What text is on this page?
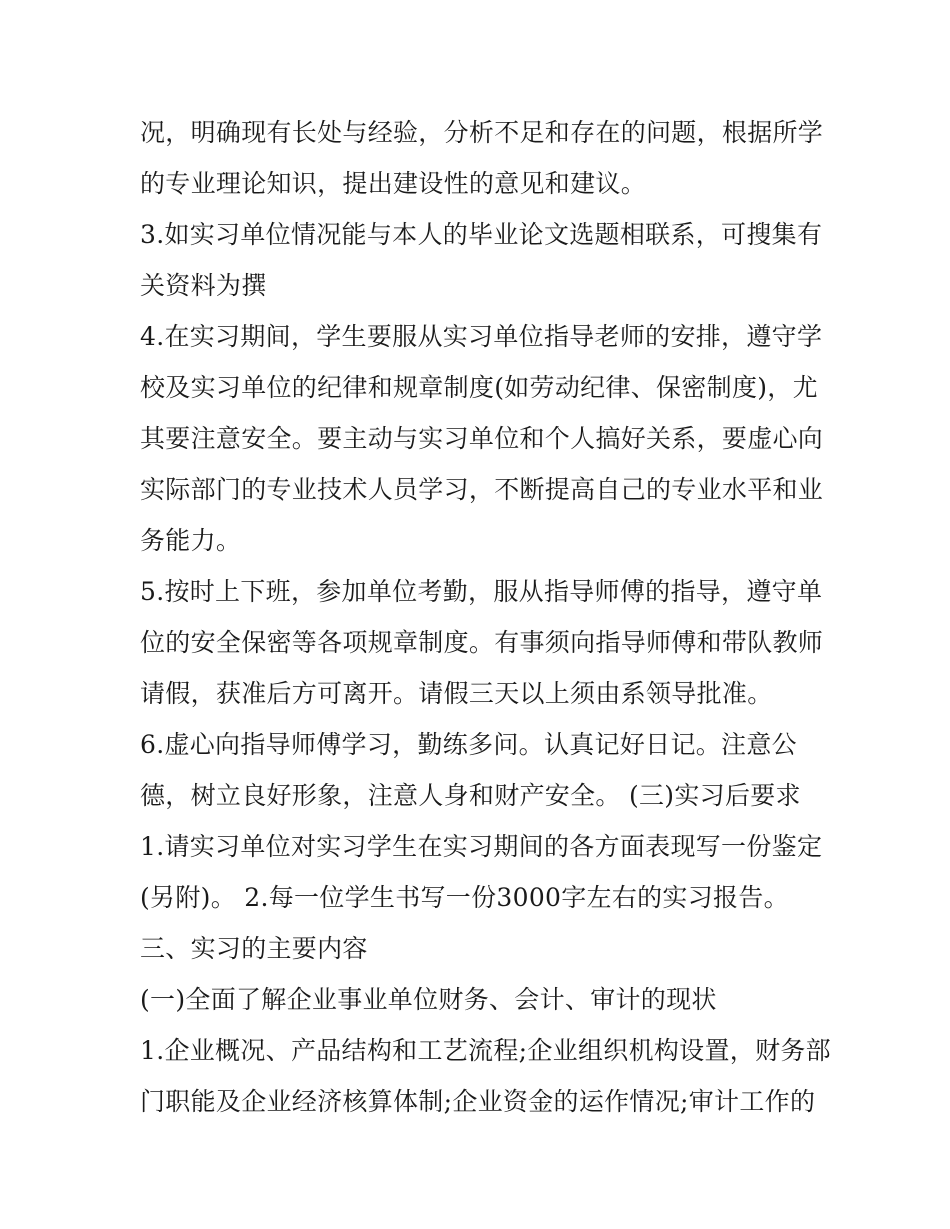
况，明确现有长处与经验，分析不足和存在的问题，根据所学
的专业理论知识，提出建设性的意见和建议。
3.如实习单位情况能与本人的毕业论文选题相联系，可搜集有
关资料为撰
4.在实习期间，学生要服从实习单位指导老师的安排，遵守学
校及实习单位的纪律和规章制度(如劳动纪律、保密制度)，尤
其要注意安全。要主动与实习单位和个人搞好关系，要虚心向
实际部门的专业技术人员学习，不断提高自己的专业水平和业
务能力。
5.按时上下班，参加单位考勤，服从指导师傅的指导，遵守单
位的安全保密等各项规章制度。有事须向指导师傅和带队教师
请假，获准后方可离开。请假三天以上须由系领导批准。
6.虚心向指导师傅学习，勤练多问。认真记好日记。注意公
德，树立良好形象，注意人身和财产安全。 (三)实习后要求
1.请实习单位对实习学生在实习期间的各方面表现写一份鉴定
(另附)。 2.每一位学生书写一份3000字左右的实习报告。
三、实习的主要内容
(一)全面了解企业事业单位财务、会计、审计的现状
1.企业概况、产品结构和工艺流程;企业组织机构设置，财务部
门职能及企业经济核算体制;企业资金的运作情况;审计工作的
